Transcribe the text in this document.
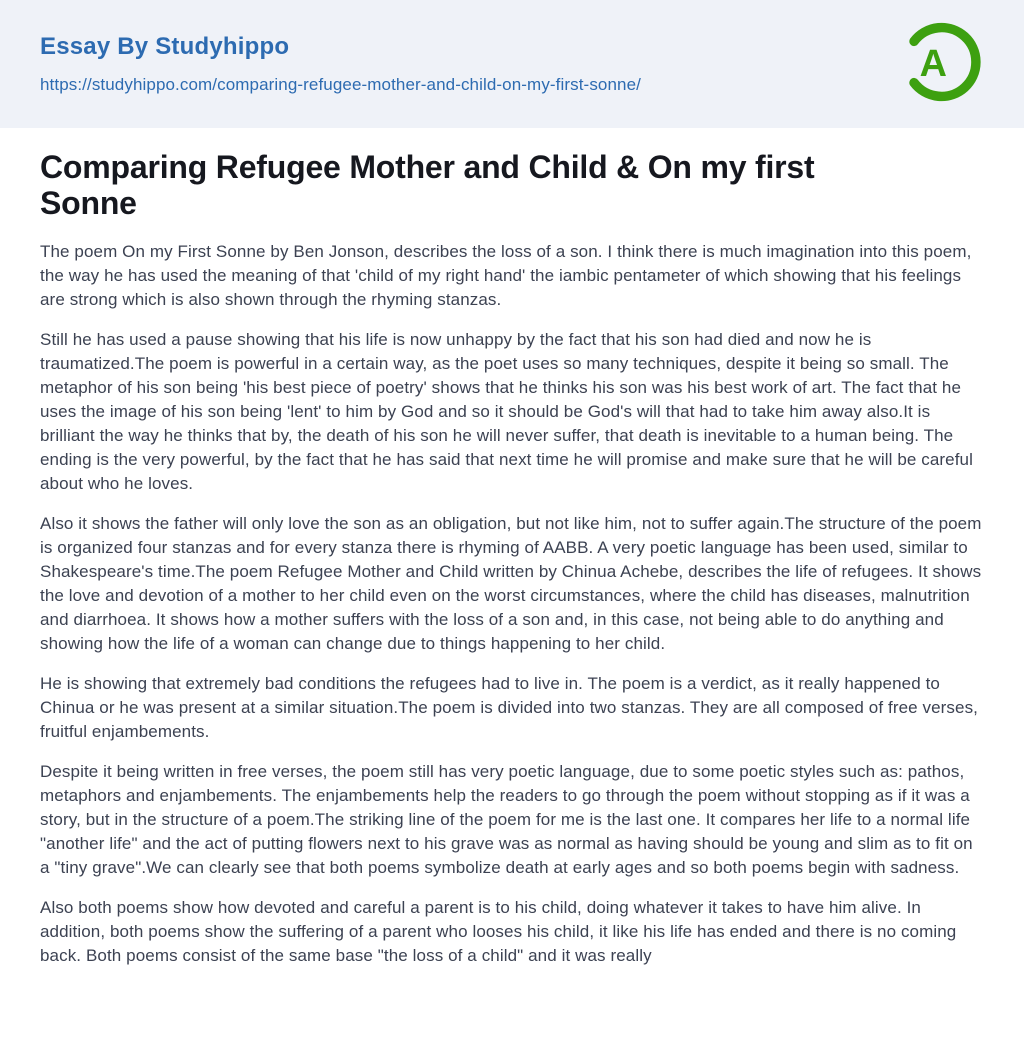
Essay By Studyhippo
https://studyhippo.com/comparing-refugee-mother-and-child-on-my-first-sonne/	A
Comparing Refugee Mother and Child & On my first Sonne

The poem On my First Sonne by Ben Jonson, describes the loss of a son. I think there is much imagination into this poem, the way he has used the meaning of that 'child of my right hand' the iambic pentameter of which showing that his feelings are strong which is also shown through the rhyming stanzas.

Still he has used a pause showing that his life is now unhappy by the fact that his son had died and now he is traumatized.The poem is powerful in a certain way, as the poet uses so many techniques, despite it being so small. The metaphor of his son being 'his best piece of poetry' shows that he thinks his son was his best work of art. The fact that he uses the image of his son being 'lent' to him by God and so it should be God's will that had to take him away also.It is brilliant the way he thinks that by, the death of his son he will never suffer, that death is inevitable to a human being. The ending is the very powerful, by the fact that he has said that next time he will promise and make sure that he will be careful about who he loves.

Also it shows the father will only love the son as an obligation, but not like him, not to suffer again.The structure of the poem is organized four stanzas and for every stanza there is rhyming of AABB. A very poetic language has been used, similar to Shakespeare's time.The poem Refugee Mother and Child written by Chinua Achebe, describes the life of refugees. It shows the love and devotion of a mother to her child even on the worst circumstances, where the child has diseases, malnutrition and diarrhoea. It shows how a mother suffers with the loss of a son and, in this case, not being able to do anything and showing how the life of a woman can change due to things happening to her child.

He is showing that extremely bad conditions the refugees had to live in. The poem is a verdict, as it really happened to Chinua or he was present at a similar situation.The poem is divided into two stanzas. They are all composed of free verses, fruitful enjambements.

Despite it being written in free verses, the poem still has very poetic language, due to some poetic styles such as: pathos, metaphors and enjambements. The enjambements help the readers to go through the poem without stopping as if it was a story, but in the structure of a poem.The striking line of the poem for me is the last one. It compares her life to a normal life "another life" and the act of putting flowers next to his grave was as normal as having should be young and slim as to fit on a "tiny grave".We can clearly see that both poems symbolize death at early ages and so both poems begin with sadness.

Also both poems show how devoted and careful a parent is to his child, doing whatever it takes to have him alive. In addition, both poems show the suffering of a parent who looses his child, it like his life has ended and there is no coming back. Both poems consist of the same base "the loss of a child" and it was really
